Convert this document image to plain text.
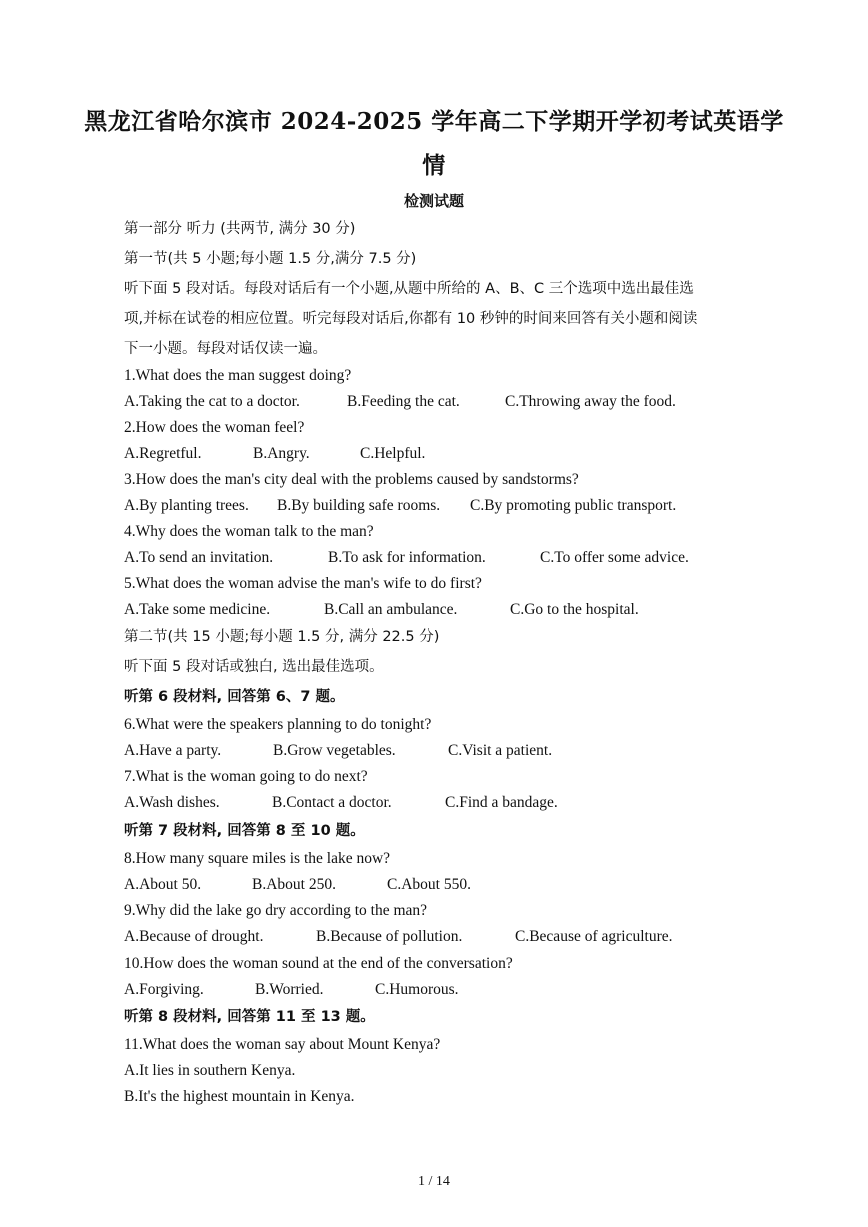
黑龙江省哈尔滨市 2024-2025 学年高二下学期开学初考试英语学
情
检测试题
第一部分 听力 (共两节, 满分 30 分)
第一节(共 5 小题;每小题 1.5 分,满分 7.5 分)
听下面 5 段对话。每段对话后有一个小题,从题中所给的 A、B、C 三个选项中选出最佳选
项,并标在试卷的相应位置。听完每段对话后,你都有 10 秒钟的时间来回答有关小题和阅读
下一小题。每段对话仅读一遍。
1.What does the man suggest doing?
A.Taking the cat to a doctor.	B.Feeding the cat.	C.Throwing away the food.
2.How does the woman feel?
A.Regretful.	B.Angry.	C.Helpful.
3.How does the man's city deal with the problems caused by sandstorms?
A.By planting trees. B.By building safe rooms. C.By promoting public transport.
4.Why does the woman talk to the man?
A.To send an invitation.	B.To ask for information.	C.To offer some advice.
5.What does the woman advise the man's wife to do first?
A.Take some medicine.	B.Call an ambulance.	C.Go to the hospital.
第二节(共 15 小题;每小题 1.5 分, 满分 22.5 分)
听下面 5 段对话或独白, 选出最佳选项。
听第 6 段材料, 回答第 6、7 题。
6.What were the speakers planning to do tonight?
A.Have a party.	B.Grow vegetables.	C.Visit a patient.
7.What is the woman going to do next?
A.Wash dishes.	B.Contact a doctor.	C.Find a bandage.
听第 7 段材料, 回答第 8 至 10 题。
8.How many square miles is the lake now?
A.About 50.	B.About 250.	C.About 550.
9.Why did the lake go dry according to the man?
A.Because of drought.	B.Because of pollution.	C.Because of agriculture.
10.How does the woman sound at the end of the conversation?
A.Forgiving.	B.Worried.	C.Humorous.
听第 8 段材料, 回答第 11 至 13 题。
11.What does the woman say about Mount Kenya?
A.It lies in southern Kenya.
B.It's the highest mountain in Kenya.
1 / 14
